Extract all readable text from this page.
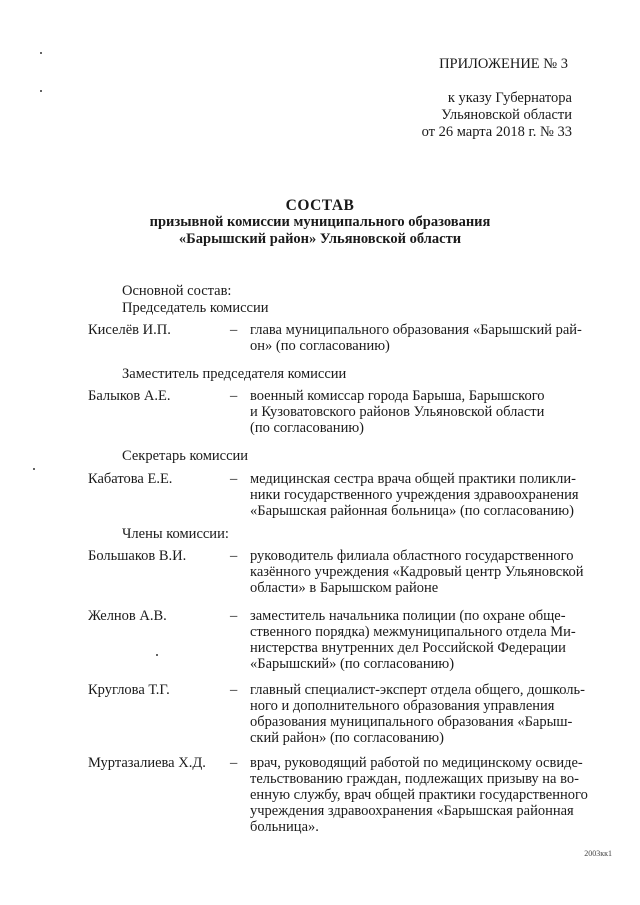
ПРИЛОЖЕНИЕ № 3
к указу Губернатора
Ульяновской области
от 26 марта 2018 г. № 33
СОСТАВ
призывной комиссии муниципального образования
«Барышский район» Ульяновской области
Основной состав:
Председатель комиссии
Киселёв И.П.	– глава муниципального образования «Барышский рай-
он» (по согласованию)
Заместитель председателя комиссии
Балыков А.Е.	– военный комиссар города Барыша, Барышского
и Кузоватовского районов Ульяновской области
(по согласованию)
Секретарь комиссии
Кабатова Е.Е.	– медицинская сестра врача общей практики поликли-
ники государственного учреждения здравоохранения
«Барышская районная больница» (по согласованию)
Члены комиссии:
Большаков В.И.	– руководитель филиала областного государственного
казённого учреждения «Кадровый центр Ульяновской
области» в Барышском районе
Желнов А.В.	– заместитель начальника полиции (по охране обще-
ственного порядка) межмуниципального отдела Ми-
нистерства внутренних дел Российской Федерации
«Барышский» (по согласованию)
Круглова Т.Г.	– главный специалист-эксперт отдела общего, дошколь-
ного и дополнительного образования управления
образования муниципального образования «Барыш-
ский район» (по согласованию)
Муртазалиева Х.Д. – врач, руководящий работой по медицинскому освиде-
тельствованию граждан, подлежащих призыву на во-
енную службу, врач общей практики государственного
учреждения здравоохранения «Барышская районная
больница».
2003кк1
